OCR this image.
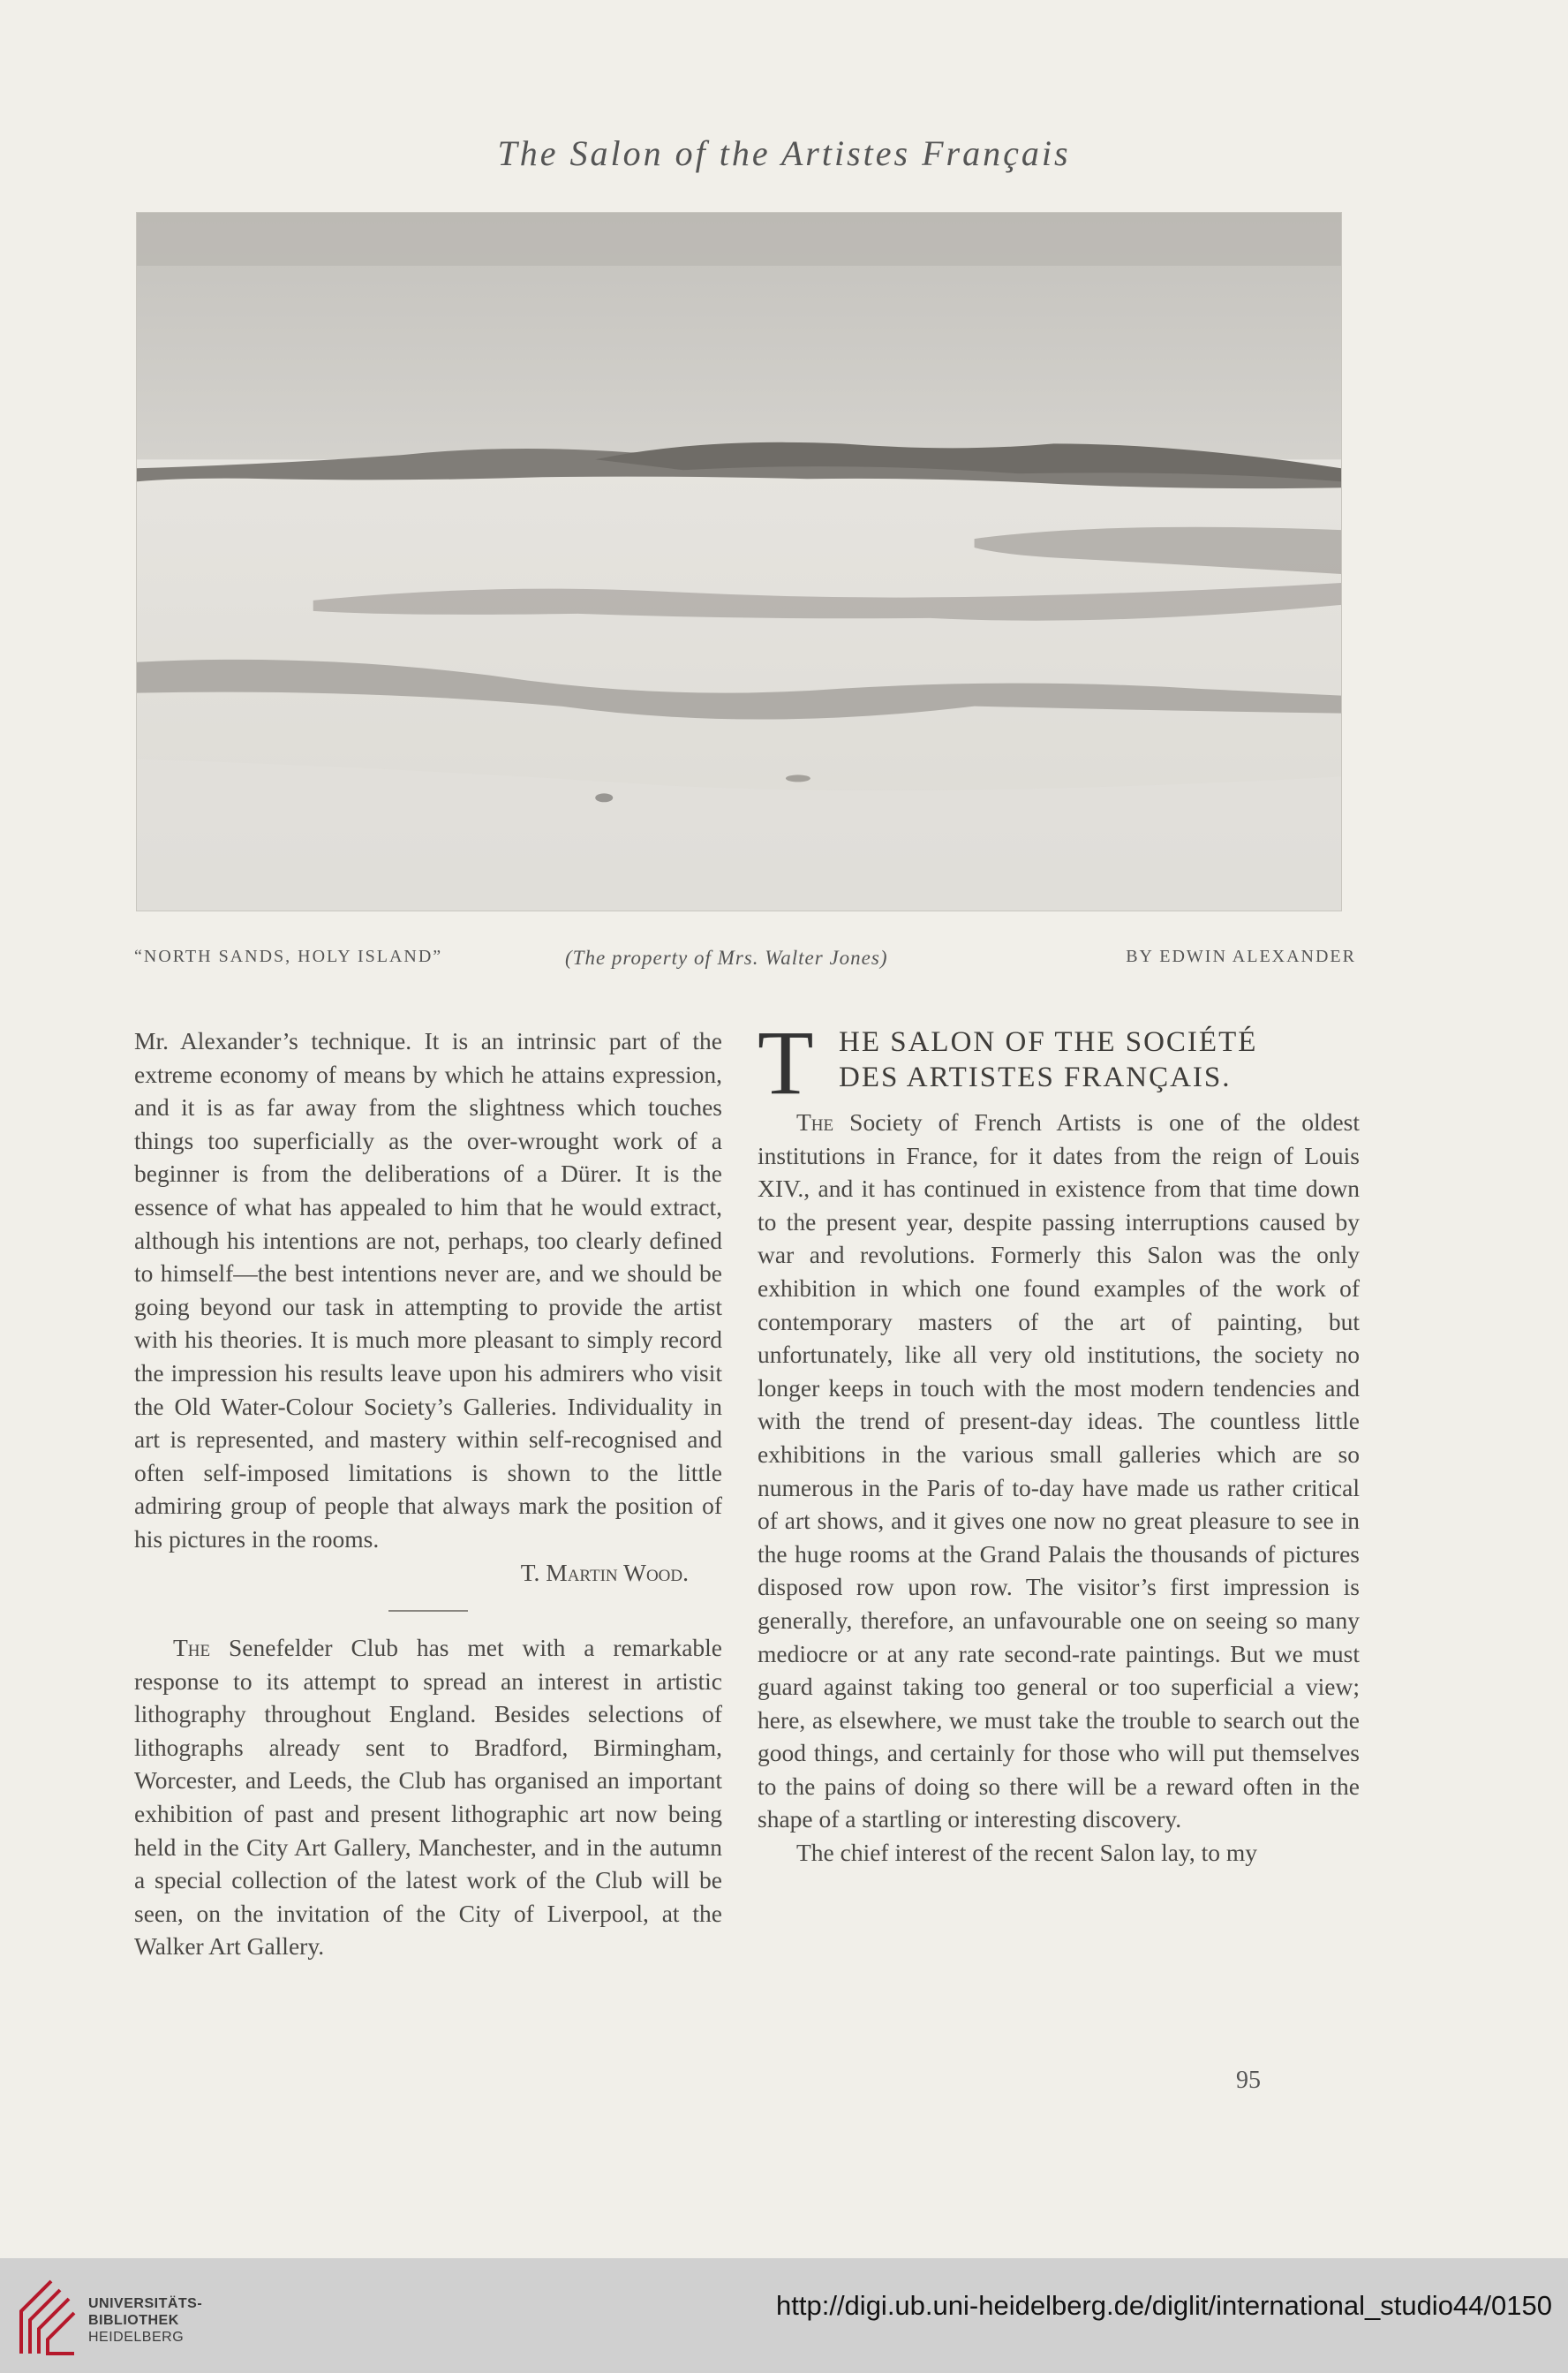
The Salon of the Artistes Français
“NORTH SANDS, HOLY ISLAND”	(The property of Mrs. Walter Jones)	BY EDWIN ALEXANDER

Mr. Alexander’s technique. It is an intrinsic part of the extreme economy of means by which he attains expression, and it is as far away from the slightness which touches things too superficially as the over-wrought work of a beginner is from the deliberations of a Dürer. It is the essence of what has appealed to him that he would extract, although his intentions are not, perhaps, too clearly defined to himself—the best intentions never are, and we should be going beyond our task in attempting to provide the artist with his theories. It is much more pleasant to simply record the impression his results leave upon his admirers who visit the Old Water-Colour Society’s Galleries. Individuality in art is represented, and mastery within self-recognised and often self-imposed limitations is shown to the little admiring group of people that always mark the position of his pictures in the rooms.

T. Martin Wood.

The Senefelder Club has met with a remarkable response to its attempt to spread an interest in artistic lithography throughout England. Besides selections of lithographs already sent to Bradford, Birmingham, Worcester, and Leeds, the Club has organised an important exhibition of past and present lithographic art now being held in the City Art Gallery, Manchester, and in the autumn a special collection of the latest work of the Club will be seen, on the invitation of the City of Liverpool, at the Walker Art Gallery.

T HE SALON OF THE SOCIÉTÉ
DES ARTISTES FRANÇAIS.

The Society of French Artists is one of the oldest institutions in France, for it dates from the reign of Louis XIV., and it has continued in existence from that time down to the present year, despite passing interruptions caused by war and revolutions. Formerly this Salon was the only exhibition in which one found examples of the work of contemporary masters of the art of painting, but unfortunately, like all very old institutions, the society no longer keeps in touch with the most modern tendencies and with the trend of present-day ideas. The countless little exhibitions in the various small galleries which are so numerous in the Paris of to-day have made us rather critical of art shows, and it gives one now no great pleasure to see in the huge rooms at the Grand Palais the thousands of pictures disposed row upon row. The visitor’s first impression is generally, therefore, an unfavourable one on seeing so many mediocre or at any rate second-rate paintings. But we must guard against taking too general or too superficial a view; here, as elsewhere, we must take the trouble to search out the good things, and certainly for those who will put themselves to the pains of doing so there will be a reward often in the shape of a startling or interesting discovery.

The chief interest of the recent Salon lay, to my

95
UNIVERSITÄTS-
BIBLIOTHEK
HEIDELBERG
http://digi.ub.uni-heidelberg.de/diglit/international_studio44/0150
